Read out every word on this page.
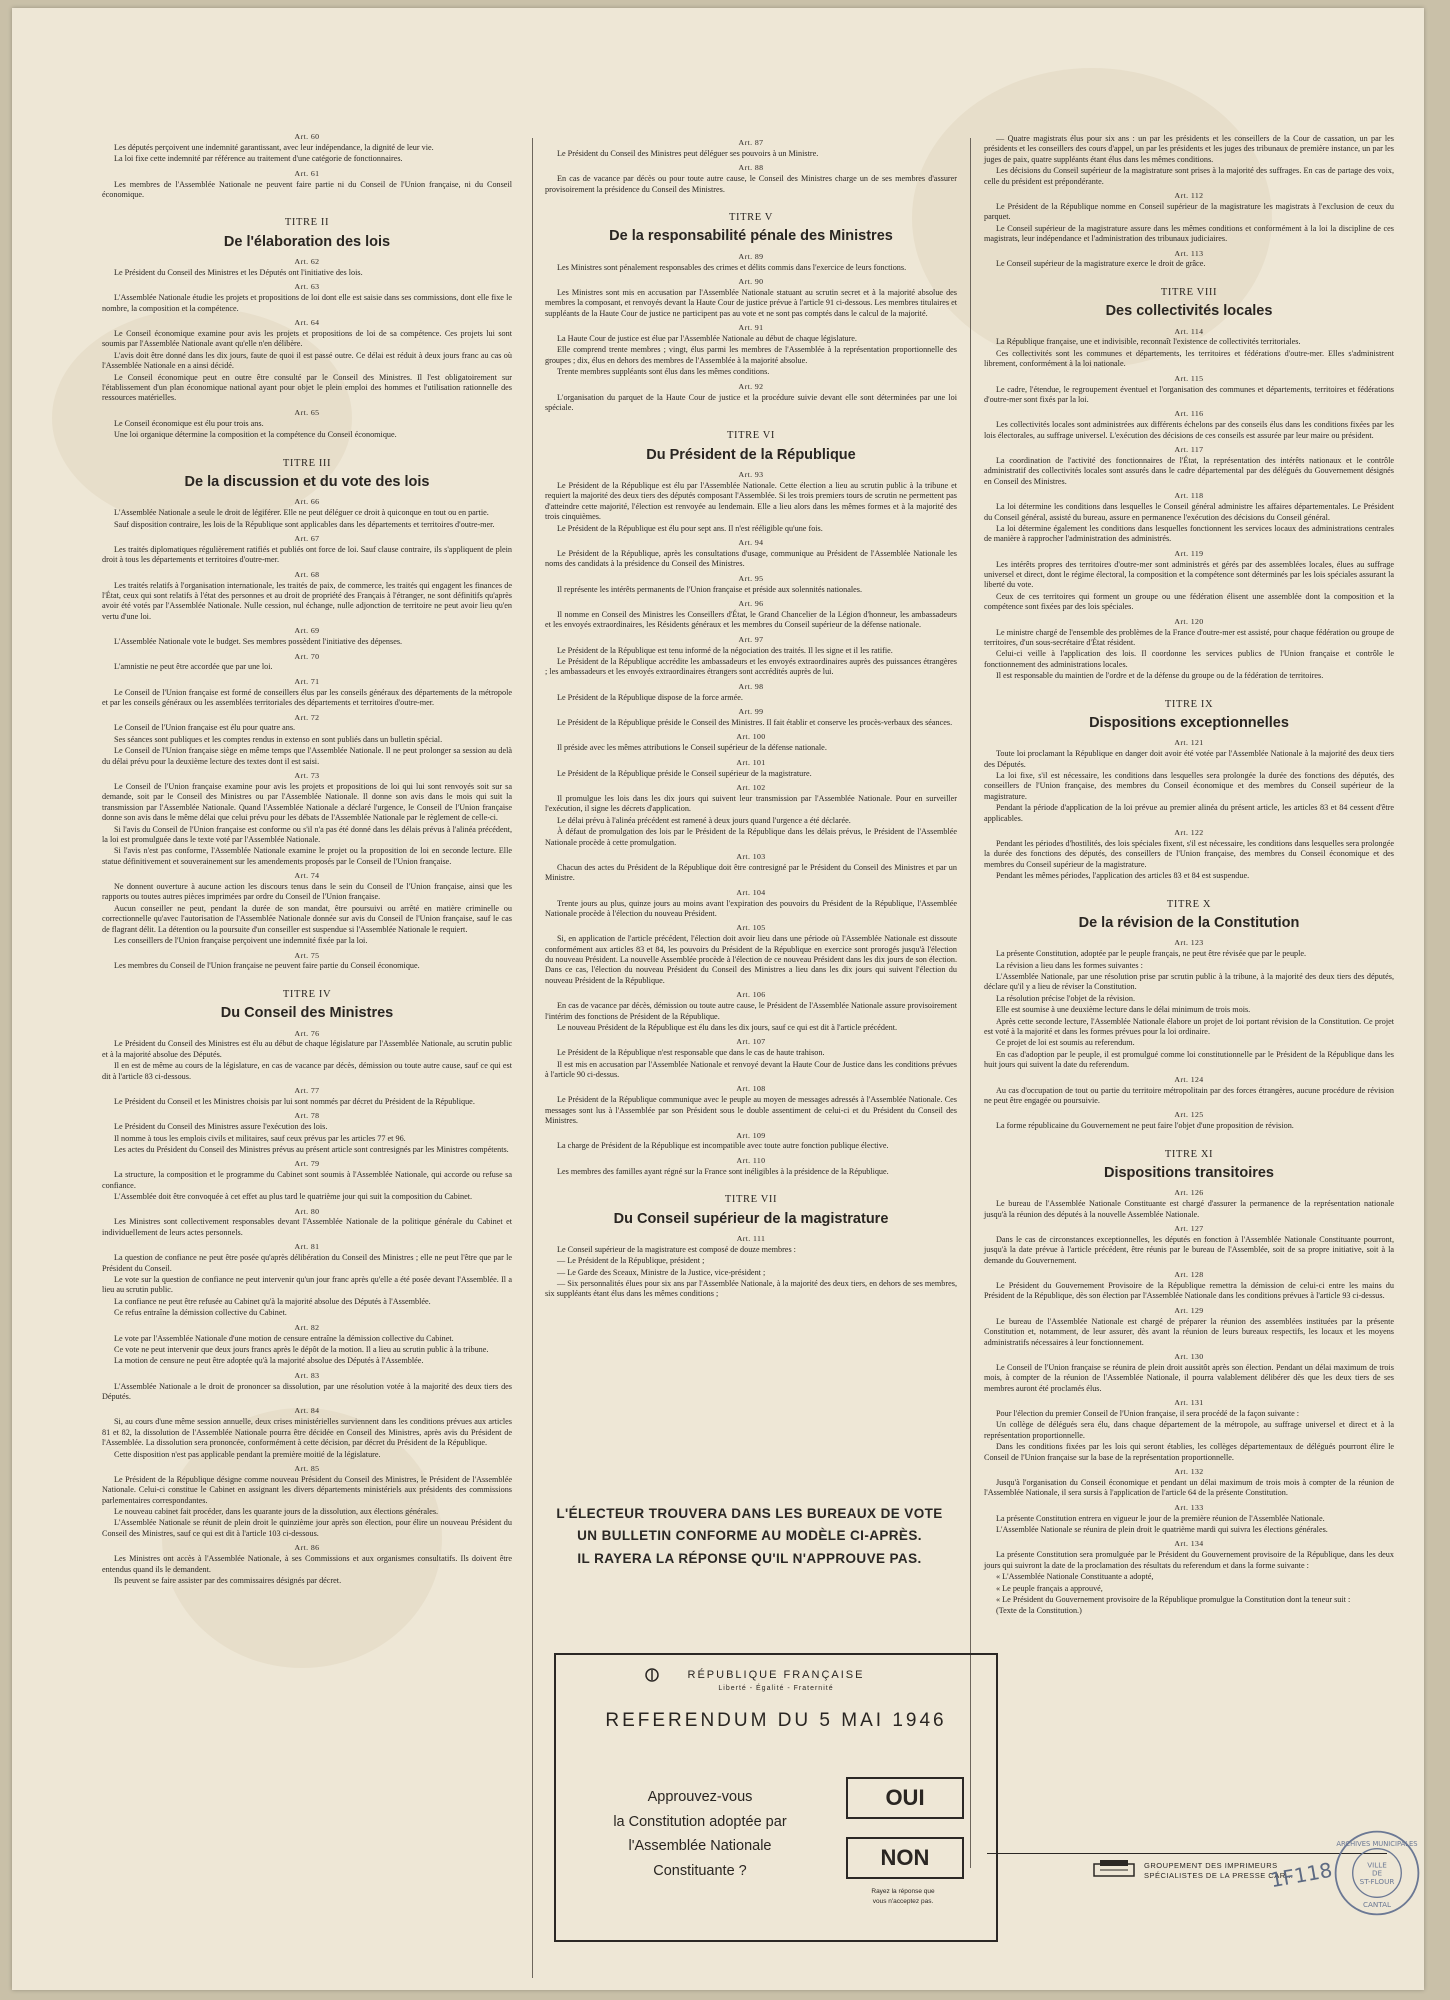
Art. 60
Les députés perçoivent une indemnité garantissant, avec leur indépendance, la dignité de leur vie.
La loi fixe cette indemnité par référence au traitement d'une catégorie de fonctionnaires.
Art. 61
Les membres de l'Assemblée Nationale ne peuvent faire partie ni du Conseil de l'Union française, ni du Conseil économique.
TITRE II
De l'élaboration des lois
Art. 62
Le Président du Conseil des Ministres et les Députés ont l'initiative des lois.
Art. 63
L'Assemblée Nationale étudie les projets et propositions de loi dont elle est saisie dans ses commissions, dont elle fixe le nombre, la composition et la compétence.
Art. 64
Le Conseil économique examine pour avis les projets et propositions de loi de sa compétence. Ces projets lui sont soumis par l'Assemblée Nationale avant qu'elle n'en délibère.
L'avis doit être donné dans les dix jours, faute de quoi il est passé outre. Ce délai est réduit à deux jours franc au cas où l'Assemblée Nationale en a ainsi décidé.
Le Conseil économique peut en outre être consulté par le Conseil des Ministres. Il l'est obligatoirement sur l'établissement d'un plan économique national ayant pour objet le plein emploi des hommes et l'utilisation rationnelle des ressources matérielles.
Art. 65
Le Conseil économique est élu pour trois ans.
Une loi organique détermine la composition et la compétence du Conseil économique.
TITRE III
De la discussion et du vote des lois
Art. 66
L'Assemblée Nationale a seule le droit de légiférer. Elle ne peut déléguer ce droit à quiconque en tout ou en partie.
Sauf disposition contraire, les lois de la République sont applicables dans les départements et territoires d'outre-mer.
Art. 67
Les traités diplomatiques régulièrement ratifiés et publiés ont force de loi. Sauf clause contraire, ils s'appliquent de plein droit à tous les départements et territoires d'outre-mer.
Art. 68
Les traités relatifs à l'organisation internationale, les traités de paix, de commerce, les traités qui engagent les finances de l'État, ceux qui sont relatifs à l'état des personnes et au droit de propriété des Français à l'étranger, ne sont définitifs qu'après avoir été votés par l'Assemblée Nationale. Nulle cession, nul échange, nulle adjonction de territoire ne peut avoir lieu qu'en vertu d'une loi.
Art. 69
L'Assemblée Nationale vote le budget. Ses membres possèdent l'initiative des dépenses.
Art. 70
L'amnistie ne peut être accordée que par une loi.
Art. 71
Le Conseil de l'Union française est formé de conseillers élus par les conseils généraux des départements de la métropole et par les conseils généraux ou les assemblées territoriales des départements et territoires d'outre-mer.
Art. 72
Le Conseil de l'Union française est élu pour quatre ans.
Ses séances sont publiques et les comptes rendus in extenso en sont publiés dans un bulletin spécial.
Le Conseil de l'Union française siège en même temps que l'Assemblée Nationale. Il ne peut prolonger sa session au delà du délai prévu pour la deuxième lecture des textes dont il est saisi.
Art. 73
Le Conseil de l'Union française examine pour avis les projets et propositions de loi qui lui sont renvoyés soit sur sa demande, soit par le Conseil des Ministres ou par l'Assemblée Nationale. Il donne son avis dans le mois qui suit la transmission par l'Assemblée Nationale. Quand l'Assemblée Nationale a déclaré l'urgence, le Conseil de l'Union française donne son avis dans le même délai que celui prévu pour les débats de l'Assemblée Nationale par le règlement de celle-ci.
Si l'avis du Conseil de l'Union française est conforme ou s'il n'a pas été donné dans les délais prévus à l'alinéa précédent, la loi est promulguée dans le texte voté par l'Assemblée Nationale.
Si l'avis n'est pas conforme, l'Assemblée Nationale examine le projet ou la proposition de loi en seconde lecture. Elle statue définitivement et souverainement sur les amendements proposés par le Conseil de l'Union française.
Art. 74
Ne donnent ouverture à aucune action les discours tenus dans le sein du Conseil de l'Union française, ainsi que les rapports ou toutes autres pièces imprimées par ordre du Conseil de l'Union française.
Aucun conseiller ne peut, pendant la durée de son mandat, être poursuivi ou arrêté en matière criminelle ou correctionnelle qu'avec l'autorisation de l'Assemblée Nationale donnée sur avis du Conseil de l'Union française, sauf le cas de flagrant délit. La détention ou la poursuite d'un conseiller est suspendue si l'Assemblée Nationale le requiert.
Les conseillers de l'Union française perçoivent une indemnité fixée par la loi.
Art. 75
Les membres du Conseil de l'Union française ne peuvent faire partie du Conseil économique.
TITRE IV
Du Conseil des Ministres
Art. 76
Le Président du Conseil des Ministres est élu au début de chaque législature par l'Assemblée Nationale, au scrutin public et à la majorité absolue des Députés.
Il en est de même au cours de la législature, en cas de vacance par décès, démission ou toute autre cause, sauf ce qui est dit à l'article 83 ci-dessous.
Art. 77
Le Président du Conseil et les Ministres choisis par lui sont nommés par décret du Président de la République.
Art. 78
Le Président du Conseil des Ministres assure l'exécution des lois.
Il nomme à tous les emplois civils et militaires, sauf ceux prévus par les articles 77 et 96.
Les actes du Président du Conseil des Ministres prévus au présent article sont contresignés par les Ministres compétents.
Art. 79
La structure, la composition et le programme du Cabinet sont soumis à l'Assemblée Nationale, qui accorde ou refuse sa confiance.
L'Assemblée doit être convoquée à cet effet au plus tard le quatrième jour qui suit la composition du Cabinet.
Art. 80
Les Ministres sont collectivement responsables devant l'Assemblée Nationale de la politique générale du Cabinet et individuellement de leurs actes personnels.
Art. 81
La question de confiance ne peut être posée qu'après délibération du Conseil des Ministres ; elle ne peut l'être que par le Président du Conseil.
Le vote sur la question de confiance ne peut intervenir qu'un jour franc après qu'elle a été posée devant l'Assemblée. Il a lieu au scrutin public.
La confiance ne peut être refusée au Cabinet qu'à la majorité absolue des Députés à l'Assemblée.
Ce refus entraîne la démission collective du Cabinet.
Art. 82
Le vote par l'Assemblée Nationale d'une motion de censure entraîne la démission collective du Cabinet.
Ce vote ne peut intervenir que deux jours francs après le dépôt de la motion. Il a lieu au scrutin public à la tribune.
La motion de censure ne peut être adoptée qu'à la majorité absolue des Députés à l'Assemblée.
Art. 83
L'Assemblée Nationale a le droit de prononcer sa dissolution, par une résolution votée à la majorité des deux tiers des Députés.
Art. 84
Si, au cours d'une même session annuelle, deux crises ministérielles surviennent dans les conditions prévues aux articles 81 et 82, la dissolution de l'Assemblée Nationale pourra être décidée en Conseil des Ministres, après avis du Président de l'Assemblée. La dissolution sera prononcée, conformément à cette décision, par décret du Président de la République.
Cette disposition n'est pas applicable pendant la première moitié de la législature.
Art. 85
Le Président de la République désigne comme nouveau Président du Conseil des Ministres, le Président de l'Assemblée Nationale. Celui-ci constitue le Cabinet en assignant les divers départements ministériels aux présidents des commissions parlementaires correspondantes.
Le nouveau cabinet fait procéder, dans les quarante jours de la dissolution, aux élections générales.
L'Assemblée Nationale se réunit de plein droit le quinzième jour après son élection, pour élire un nouveau Président du Conseil des Ministres, sauf ce qui est dit à l'article 103 ci-dessous.
Art. 86
Les Ministres ont accès à l'Assemblée Nationale, à ses Commissions et aux organismes consultatifs. Ils doivent être entendus quand ils le demandent.
Ils peuvent se faire assister par des commissaires désignés par décret.
Art. 87
Le Président du Conseil des Ministres peut déléguer ses pouvoirs à un Ministre.
Art. 88
En cas de vacance par décès ou pour toute autre cause, le Conseil des Ministres charge un de ses membres d'assurer provisoirement la présidence du Conseil des Ministres.
TITRE V
De la responsabilité pénale des Ministres
Art. 89
Les Ministres sont pénalement responsables des crimes et délits commis dans l'exercice de leurs fonctions.
Art. 90
Les Ministres sont mis en accusation par l'Assemblée Nationale statuant au scrutin secret et à la majorité absolue des membres la composant, et renvoyés devant la Haute Cour de justice prévue à l'article 91 ci-dessous. Les membres titulaires et suppléants de la Haute Cour de justice ne participent pas au vote et ne sont pas comptés dans le calcul de la majorité.
Art. 91
La Haute Cour de justice est élue par l'Assemblée Nationale au début de chaque législature.
Elle comprend trente membres ; vingt, élus parmi les membres de l'Assemblée à la représentation proportionnelle des groupes ; dix, élus en dehors des membres de l'Assemblée à la majorité absolue.
Trente membres suppléants sont élus dans les mêmes conditions.
Art. 92
L'organisation du parquet de la Haute Cour de justice et la procédure suivie devant elle sont déterminées par une loi spéciale.
TITRE VI
Du Président de la République
Art. 93
Le Président de la République est élu par l'Assemblée Nationale. Cette élection a lieu au scrutin public à la tribune et requiert la majorité des deux tiers des députés composant l'Assemblée. Si les trois premiers tours de scrutin ne permettent pas d'atteindre cette majorité, l'élection est renvoyée au lendemain. Elle a lieu alors dans les mêmes formes et à la majorité des trois cinquièmes.
Le Président de la République est élu pour sept ans. Il n'est rééligible qu'une fois.
Art. 94
Le Président de la République, après les consultations d'usage, communique au Président de l'Assemblée Nationale les noms des candidats à la présidence du Conseil des Ministres.
Art. 95
Il représente les intérêts permanents de l'Union française et préside aux solennités nationales.
Art. 96
Il nomme en Conseil des Ministres les Conseillers d'État, le Grand Chancelier de la Légion d'honneur, les ambassadeurs et les envoyés extraordinaires, les Résidents généraux et les membres du Conseil supérieur de la défense nationale.
Art. 97
Le Président de la République est tenu informé de la négociation des traités. Il les signe et il les ratifie.
Le Président de la République accrédite les ambassadeurs et les envoyés extraordinaires auprès des puissances étrangères ; les ambassadeurs et les envoyés extraordinaires étrangers sont accrédités auprès de lui.
Art. 98
Le Président de la République dispose de la force armée.
Art. 99
Le Président de la République préside le Conseil des Ministres. Il fait établir et conserve les procès-verbaux des séances.
Art. 100
Il préside avec les mêmes attributions le Conseil supérieur de la défense nationale.
Art. 101
Le Président de la République préside le Conseil supérieur de la magistrature.
Art. 102
Il promulgue les lois dans les dix jours qui suivent leur transmission par l'Assemblée Nationale. Pour en surveiller l'exécution, il signe les décrets d'application.
Le délai prévu à l'alinéa précédent est ramené à deux jours quand l'urgence a été déclarée.
À défaut de promulgation des lois par le Président de la République dans les délais prévus, le Président de l'Assemblée Nationale procède à cette promulgation.
Art. 103
Chacun des actes du Président de la République doit être contresigné par le Président du Conseil des Ministres et par un Ministre.
Art. 104
Trente jours au plus, quinze jours au moins avant l'expiration des pouvoirs du Président de la République, l'Assemblée Nationale procède à l'élection du nouveau Président.
Art. 105
Si, en application de l'article précédent, l'élection doit avoir lieu dans une période où l'Assemblée Nationale est dissoute conformément aux articles 83 et 84, les pouvoirs du Président de la République en exercice sont prorogés jusqu'à l'élection du nouveau Président. La nouvelle Assemblée procède à l'élection de ce nouveau Président dans les dix jours de son élection. Dans ce cas, l'élection du nouveau Président du Conseil des Ministres a lieu dans les dix jours qui suivent l'élection du nouveau Président de la République.
Art. 106
En cas de vacance par décès, démission ou toute autre cause, le Président de l'Assemblée Nationale assure provisoirement l'intérim des fonctions de Président de la République.
Le nouveau Président de la République est élu dans les dix jours, sauf ce qui est dit à l'article précédent.
Art. 107
Le Président de la République n'est responsable que dans le cas de haute trahison.
Il est mis en accusation par l'Assemblée Nationale et renvoyé devant la Haute Cour de Justice dans les conditions prévues à l'article 90 ci-dessus.
Art. 108
Le Président de la République communique avec le peuple au moyen de messages adressés à l'Assemblée Nationale. Ces messages sont lus à l'Assemblée par son Président sous le double assentiment de celui-ci et du Président du Conseil des Ministres.
Art. 109
La charge de Président de la République est incompatible avec toute autre fonction publique élective.
Art. 110
Les membres des familles ayant régné sur la France sont inéligibles à la présidence de la République.
TITRE VII
Du Conseil supérieur de la magistrature
Art. 111
Le Conseil supérieur de la magistrature est composé de douze membres :
— Le Président de la République, président ;
— Le Garde des Sceaux, Ministre de la Justice, vice-président ;
— Six personnalités élues pour six ans par l'Assemblée Nationale, à la majorité des deux tiers, en dehors de ses membres, six suppléants étant élus dans les mêmes conditions ;
L'ÉLECTEUR TROUVERA DANS LES BUREAUX DE VOTE
UN BULLETIN CONFORME AU MODÈLE CI-APRÈS.
IL RAYERA LA RÉPONSE QU'IL N'APPROUVE PAS.
RÉPUBLIQUE FRANÇAISE
Liberté - Égalité - Fraternité
REFERENDUM DU 5 MAI 1946
Approuvez-vous
la Constitution adoptée par
l'Assemblée Nationale
Constituante ?
OUI
NON
Rayez la réponse que
vous n'acceptez pas.
— Quatre magistrats élus pour six ans : un par les présidents et les conseillers de la Cour de cassation, un par les présidents et les conseillers des cours d'appel, un par les présidents et les juges des tribunaux de première instance, un par les juges de paix, quatre suppléants étant élus dans les mêmes conditions.
Les décisions du Conseil supérieur de la magistrature sont prises à la majorité des suffrages. En cas de partage des voix, celle du président est prépondérante.
Art. 112
Le Président de la République nomme en Conseil supérieur de la magistrature les magistrats à l'exclusion de ceux du parquet.
Le Conseil supérieur de la magistrature assure dans les mêmes conditions et conformément à la loi la discipline de ces magistrats, leur indépendance et l'administration des tribunaux judiciaires.
Art. 113
Le Conseil supérieur de la magistrature exerce le droit de grâce.
TITRE VIII
Des collectivités locales
Art. 114
La République française, une et indivisible, reconnaît l'existence de collectivités territoriales.
Ces collectivités sont les communes et départements, les territoires et fédérations d'outre-mer. Elles s'administrent librement, conformément à la loi nationale.
Art. 115
Le cadre, l'étendue, le regroupement éventuel et l'organisation des communes et départements, territoires et fédérations d'outre-mer sont fixés par la loi.
Art. 116
Les collectivités locales sont administrées aux différents échelons par des conseils élus dans les conditions fixées par les lois électorales, au suffrage universel. L'exécution des décisions de ces conseils est assurée par leur maire ou président.
Art. 117
La coordination de l'activité des fonctionnaires de l'État, la représentation des intérêts nationaux et le contrôle administratif des collectivités locales sont assurés dans le cadre départemental par des délégués du Gouvernement désignés en Conseil des Ministres.
Art. 118
La loi détermine les conditions dans lesquelles le Conseil général administre les affaires départementales. Le Président du Conseil général, assisté du bureau, assure en permanence l'exécution des décisions du Conseil général.
La loi détermine également les conditions dans lesquelles fonctionnent les services locaux des administrations centrales de manière à rapprocher l'administration des administrés.
Art. 119
Les intérêts propres des territoires d'outre-mer sont administrés et gérés par des assemblées locales, élues au suffrage universel et direct, dont le régime électoral, la composition et la compétence sont déterminés par les lois spéciales assurant la liberté du vote.
Ceux de ces territoires qui forment un groupe ou une fédération élisent une assemblée dont la composition et la compétence sont fixées par des lois spéciales.
Art. 120
Le ministre chargé de l'ensemble des problèmes de la France d'outre-mer est assisté, pour chaque fédération ou groupe de territoires, d'un sous-secrétaire d'État résident.
Celui-ci veille à l'application des lois. Il coordonne les services publics de l'Union française et contrôle le fonctionnement des administrations locales.
Il est responsable du maintien de l'ordre et de la défense du groupe ou de la fédération de territoires.
TITRE IX
Dispositions exceptionnelles
Art. 121
Toute loi proclamant la République en danger doit avoir été votée par l'Assemblée Nationale à la majorité des deux tiers des Députés.
La loi fixe, s'il est nécessaire, les conditions dans lesquelles sera prolongée la durée des fonctions des députés, des conseillers de l'Union française, des membres du Conseil économique et des membres du Conseil supérieur de la magistrature.
Pendant la période d'application de la loi prévue au premier alinéa du présent article, les articles 83 et 84 cessent d'être applicables.
Art. 122
Pendant les périodes d'hostilités, des lois spéciales fixent, s'il est nécessaire, les conditions dans lesquelles sera prolongée la durée des fonctions des députés, des conseillers de l'Union française, des membres du Conseil économique et des membres du Conseil supérieur de la magistrature.
Pendant les mêmes périodes, l'application des articles 83 et 84 est suspendue.
TITRE X
De la révision de la Constitution
Art. 123
La présente Constitution, adoptée par le peuple français, ne peut être révisée que par le peuple.
La révision a lieu dans les formes suivantes :
L'Assemblée Nationale, par une résolution prise par scrutin public à la tribune, à la majorité des deux tiers des députés, déclare qu'il y a lieu de réviser la Constitution.
La résolution précise l'objet de la révision.
Elle est soumise à une deuxième lecture dans le délai minimum de trois mois.
Après cette seconde lecture, l'Assemblée Nationale élabore un projet de loi portant révision de la Constitution. Ce projet est voté à la majorité et dans les formes prévues pour la loi ordinaire.
Ce projet de loi est soumis au referendum.
En cas d'adoption par le peuple, il est promulgué comme loi constitutionnelle par le Président de la République dans les huit jours qui suivent la date du referendum.
Art. 124
Au cas d'occupation de tout ou partie du territoire métropolitain par des forces étrangères, aucune procédure de révision ne peut être engagée ou poursuivie.
Art. 125
La forme républicaine du Gouvernement ne peut faire l'objet d'une proposition de révision.
TITRE XI
Dispositions transitoires
Art. 126
Le bureau de l'Assemblée Nationale Constituante est chargé d'assurer la permanence de la représentation nationale jusqu'à la réunion des députés à la nouvelle Assemblée Nationale.
Art. 127
Dans le cas de circonstances exceptionnelles, les députés en fonction à l'Assemblée Nationale Constituante pourront, jusqu'à la date prévue à l'article précédent, être réunis par le bureau de l'Assemblée, soit de sa propre initiative, soit à la demande du Gouvernement.
Art. 128
Le Président du Gouvernement Provisoire de la République remettra la démission de celui-ci entre les mains du Président de la République, dès son élection par l'Assemblée Nationale dans les conditions prévues à l'article 93 ci-dessus.
Art. 129
Le bureau de l'Assemblée Nationale est chargé de préparer la réunion des assemblées instituées par la présente Constitution et, notamment, de leur assurer, dès avant la réunion de leurs bureaux respectifs, les locaux et les moyens administratifs nécessaires à leur fonctionnement.
Art. 130
Le Conseil de l'Union française se réunira de plein droit aussitôt après son élection. Pendant un délai maximum de trois mois, à compter de la réunion de l'Assemblée Nationale, il pourra valablement délibérer dès que les deux tiers de ses membres auront été proclamés élus.
Art. 131
Pour l'élection du premier Conseil de l'Union française, il sera procédé de la façon suivante :
Un collège de délégués sera élu, dans chaque département de la métropole, au suffrage universel et direct et à la représentation proportionnelle.
Dans les conditions fixées par les lois qui seront établies, les collèges départementaux de délégués pourront élire le Conseil de l'Union française sur la base de la représentation proportionnelle.
Art. 132
Jusqu'à l'organisation du Conseil économique et pendant un délai maximum de trois mois à compter de la réunion de l'Assemblée Nationale, il sera sursis à l'application de l'article 64 de la présente Constitution.
Art. 133
La présente Constitution entrera en vigueur le jour de la première réunion de l'Assemblée Nationale.
L'Assemblée Nationale se réunira de plein droit le quatrième mardi qui suivra les élections générales.
Art. 134
La présente Constitution sera promulguée par le Président du Gouvernement provisoire de la République, dans les deux jours qui suivront la date de la proclamation des résultats du referendum et dans la forme suivante :
« L'Assemblée Nationale Constituante a adopté,
« Le peuple français a approuvé,
« Le Président du Gouvernement provisoire de la République promulgue la Constitution dont la teneur suit :
(Texte de la Constitution.)
GROUPEMENT DES IMPRIMEURS
SPÉCIALISTES DE LA PRESSE CAR...
1F118
ARCHIVES MUNICIPALES
VILLE
DE
ST-FLOUR
CANTAL
